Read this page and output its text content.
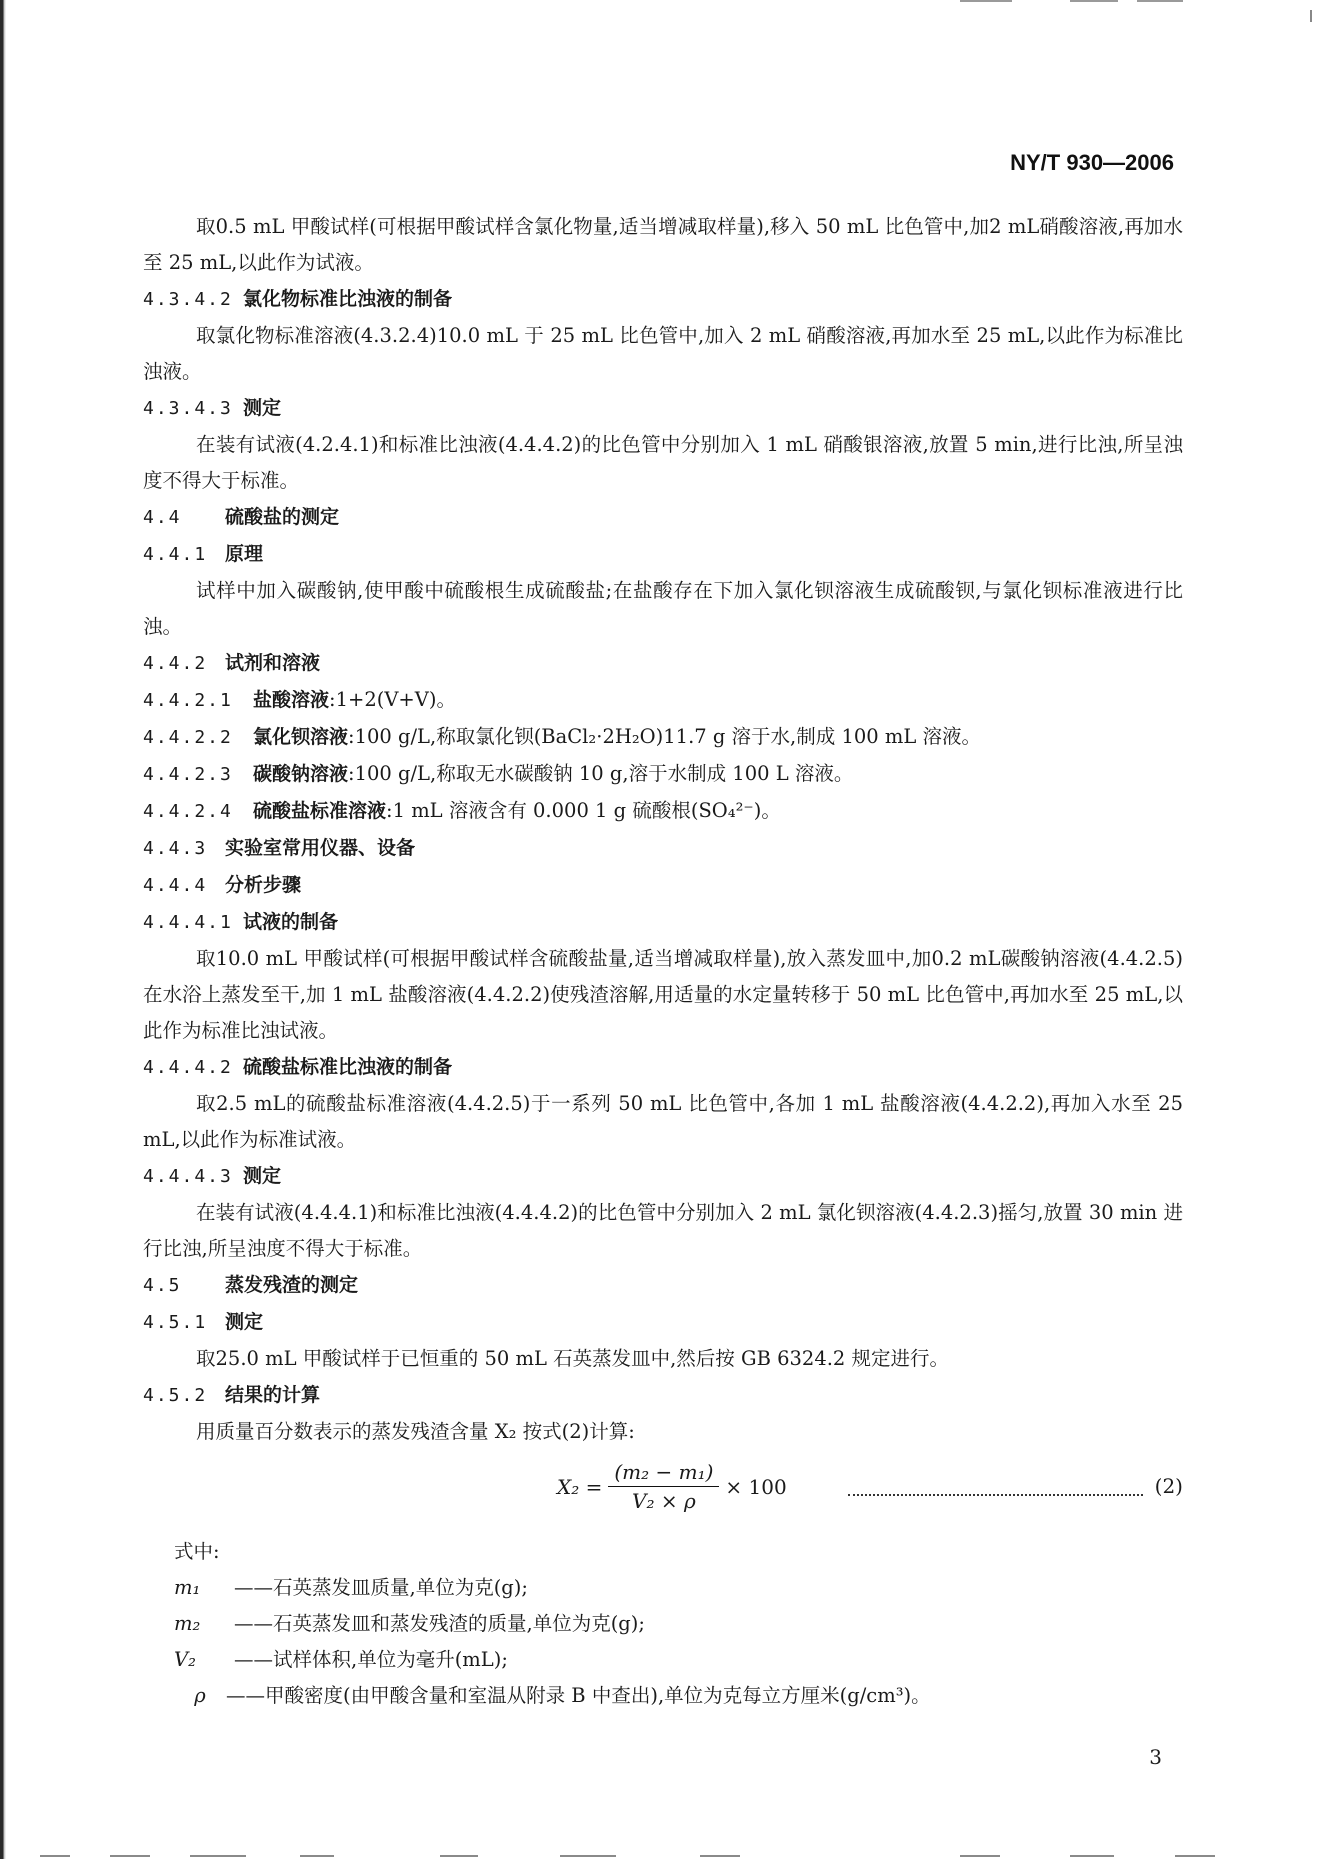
NY/T 930—2006

取0.5 mL 甲酸试样(可根据甲酸试样含氯化物量,适当增减取样量),移入 50 mL 比色管中,加2 mL硝酸溶液,再加水至 25 mL,以此作为试液。

4.3.4.2 氯化物标准比浊液的制备

取氯化物标准溶液(4.3.2.4)10.0 mL 于 25 mL 比色管中,加入 2 mL 硝酸溶液,再加水至 25 mL,以此作为标准比浊液。

4.3.4.3 测定

在装有试液(4.2.4.1)和标准比浊液(4.4.4.2)的比色管中分别加入 1 mL 硝酸银溶液,放置 5 min,进行比浊,所呈浊度不得大于标准。

4.4	硫酸盐的测定

4.4.1 原理

试样中加入碳酸钠,使甲酸中硫酸根生成硫酸盐;在盐酸存在下加入氯化钡溶液生成硫酸钡,与氯化钡标准液进行比浊。

4.4.2 试剂和溶液

4.4.2.1	盐酸溶液:1+2(V+V)。

4.4.2.2	氯化钡溶液:100 g/L,称取氯化钡(BaCl₂·2H₂O)11.7 g 溶于水,制成 100 mL 溶液。

4.4.2.3	碳酸钠溶液:100 g/L,称取无水碳酸钠 10 g,溶于水制成 100 L 溶液。

4.4.2.4	硫酸盐标准溶液:1 mL 溶液含有 0.000 1 g 硫酸根(SO₄²⁻)。

4.4.3 实验室常用仪器、设备

4.4.4 分析步骤

4.4.4.1 试液的制备

取10.0 mL 甲酸试样(可根据甲酸试样含硫酸盐量,适当增减取样量),放入蒸发皿中,加0.2 mL碳酸钠溶液(4.4.2.5)在水浴上蒸发至干,加 1 mL 盐酸溶液(4.4.2.2)使残渣溶解,用适量的水定量转移于 50 mL 比色管中,再加水至 25 mL,以此作为标准比浊试液。

4.4.4.2 硫酸盐标准比浊液的制备

取2.5 mL的硫酸盐标准溶液(4.4.2.5)于一系列 50 mL 比色管中,各加 1 mL 盐酸溶液(4.4.2.2),再加入水至 25 mL,以此作为标准试液。

4.4.4.3 测定

在装有试液(4.4.4.1)和标准比浊液(4.4.4.2)的比色管中分别加入 2 mL 氯化钡溶液(4.4.2.3)摇匀,放置 30 min 进行比浊,所呈浊度不得大于标准。

4.5	蒸发残渣的测定

4.5.1 测定

取25.0 mL 甲酸试样于已恒重的 50 mL 石英蒸发皿中,然后按 GB 6324.2 规定进行。

4.5.2 结果的计算

用质量百分数表示的蒸发残渣含量 X₂ 按式(2)计算:

$X_2 = \frac{\text{(m₂ − m₁)}}{\text{V₂ × ρ}} \times 100$	(2)

式中:

m₁ ——石英蒸发皿质量,单位为克(g);

m₂ ——石英蒸发皿和蒸发残渣的质量,单位为克(g);

V₂ ——试样体积,单位为毫升(mL);

ρ ——甲酸密度(由甲酸含量和室温从附录 B 中查出),单位为克每立方厘米(g/cm³)。

3
